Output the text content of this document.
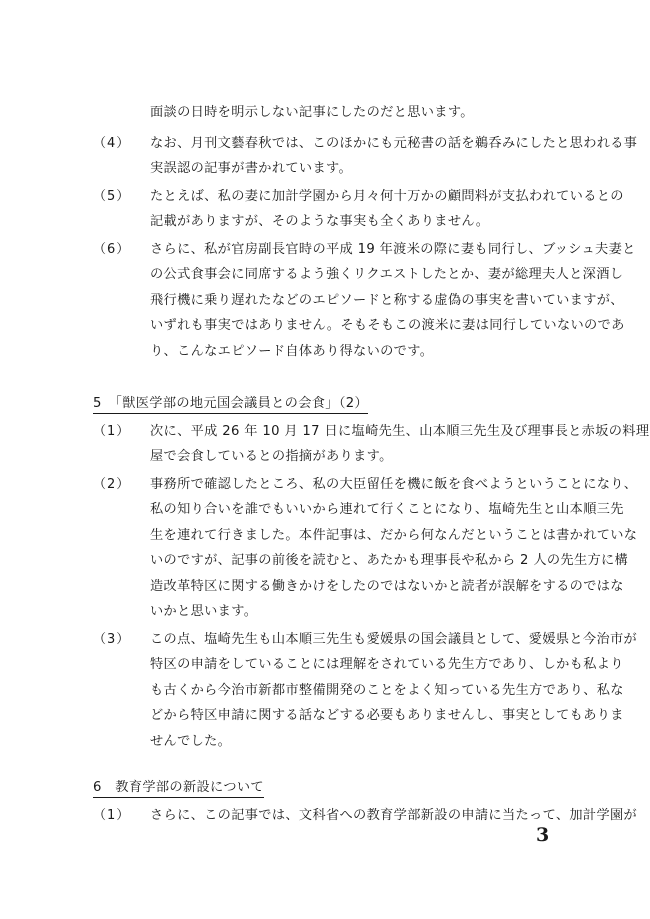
面談の日時を明示しない記事にしたのだと思います。
（4） なお、月刊文藝春秋では、このほかにも元秘書の話を鵜呑みにしたと思われる事
実誤認の記事が書かれています。
（5） たとえば、私の妻に加計学園から月々何十万かの顧問料が支払われているとの
記載がありますが、そのような事実も全くありません。
（6） さらに、私が官房副長官時の平成 19 年渡米の際に妻も同行し、ブッシュ夫妻と
の公式食事会に同席するよう強くリクエストしたとか、妻が総理夫人と深酒し
飛行機に乗り遅れたなどのエピソードと称する虚偽の事実を書いていますが、
いずれも事実ではありません。そもそもこの渡米に妻は同行していないのであ
り、こんなエピソード自体あり得ないのです。
5　「獣医学部の地元国会議員との会食」（2）
（1） 次に、平成 26 年 10 月 17 日に塩崎先生、山本順三先生及び理事長と赤坂の料理
屋で会食しているとの指摘があります。
（2） 事務所で確認したところ、私の大臣留任を機に飯を食べようということになり、
私の知り合いを誰でもいいから連れて行くことになり、塩崎先生と山本順三先
生を連れて行きました。本件記事は、だから何なんだということは書かれていな
いのですが、記事の前後を読むと、あたかも理事長や私から 2 人の先生方に構
造改革特区に関する働きかけをしたのではないかと読者が誤解をするのではな
いかと思います。
（3） この点、塩崎先生も山本順三先生も愛媛県の国会議員として、愛媛県と今治市が
特区の申請をしていることには理解をされている先生方であり、しかも私より
も古くから今治市新都市整備開発のことをよく知っている先生方であり、私な
どから特区申請に関する話などする必要もありませんし、事実としてもありま
せんでした。
6　教育学部の新設について
（1） さらに、この記事では、文科省への教育学部新設の申請に当たって、加計学園が
3
